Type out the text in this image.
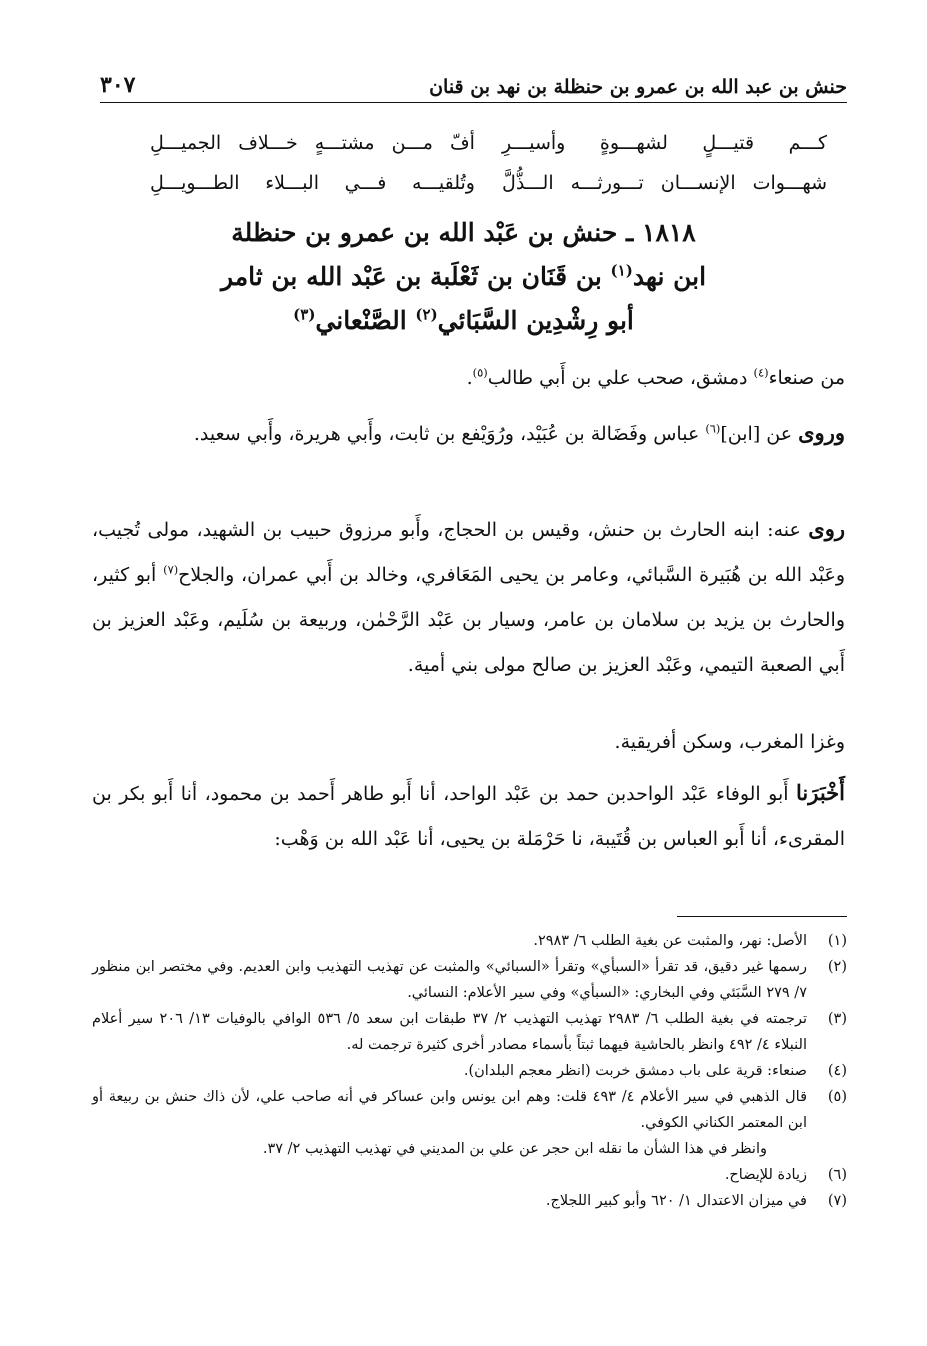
حنش بن عبد الله بن عمرو بن حنظلة بن نهد بن قنان
٣٠٧
كـــم قتيـــلٍ لشهـــوةٍ وأسيـــرِ
أفّ مـــن مشتـــهٍ خـــلاف الجميـــلِ
شهـــوات الإنســـان تـــورثـــه الـــذُّلَّ
وتُلقيـــه فـــي البـــلاء الطـــويـــلِ
١٨١٨ ـ حنش بن عَبْد الله بن عمرو بن حنظلة
ابن نهد$^{(١)}$ بن قَنَان بن ثَعْلَبة بن عَبْد الله بن ثامر
أبو رِشْدِين السَّبَائي$^{(٢)}$ الصَّنْعاني$^{(٣)}$

من صنعاء$^{(٤)}$ دمشق، صحب علي بن أَبي طالب$^{(٥)}$.

وروى عن [ابن]$^{(٦)}$ عباس وفَضَالة بن عُبَيْد، ورُوَيْفع بن ثابت، وأَبي هريرة، وأَبي سعيد.

روى عنه: ابنه الحارث بن حنش، وقيس بن الحجاج، وأَبو مرزوق حبيب بن الشهيد، مولى تُجيب، وعَبْد الله بن هُبَيرة السَّبائي، وعامر بن يحيى المَعَافري، وخالد بن أَبي عمران، والجلاح$^{(٧)}$ أبو كثير، والحارث بن يزيد بن سلامان بن عامر، وسيار بن عَبْد الرَّحْمٰن، وربيعة بن سُلَيم، وعَبْد العزيز بن أَبي الصعبة التيمي، وعَبْد العزيز بن صالح مولى بني أمية.

وغزا المغرب، وسكن أفريقية.

أَخْبَرَنا أَبو الوفاء عَبْد الواحدبن حمد بن عَبْد الواحد، أنا أَبو طاهر أَحمد بن محمود، أنا أَبو بكر بن المقرىء، أنا أَبو العباس بن قُتَيبة، نا حَرْمَلة بن يحيى، أنا عَبْد الله بن وَهْب:

(١)
الأصل: نهر، والمثبت عن بغية الطلب ٦/ ٢٩٨٣.
(٢)
رسمها غير دقيق، قد تقرأ «السبأي» وتقرأ «السبائي» والمثبت عن تهذيب التهذيب وابن العديم. وفي مختصر ابن منظور ٧/ ٢٧٩ السَّبَئي وفي البخاري: «السبأي» وفي سير الأعلام: النسائي.
(٣)
ترجمته في بغية الطلب ٦/ ٢٩٨٣ تهذيب التهذيب ٢/ ٣٧ طبقات ابن سعد ٥/ ٥٣٦ الوافي بالوفيات ١٣/ ٢٠٦ سير أعلام النبلاء ٤/ ٤٩٢ وانظر بالحاشية فيهما ثبتاً بأسماء مصادر أخرى كثيرة ترجمت له.
(٤)
صنعاء: قرية على باب دمشق خربت (انظر معجم البلدان).
(٥)
قال الذهبي في سير الأعلام ٤/ ٤٩٣ قلت: وهم ابن يونس وابن عساكر في أنه صاحب علي، لأن ذاك حنش بن ربيعة أو ابن المعتمر الكناني الكوفي.
وانظر في هذا الشأن ما نقله ابن حجر عن علي بن المديني في تهذيب التهذيب ٢/ ٣٧.
(٦)
زيادة للإيضاح.
(٧)
في ميزان الاعتدال ١/ ٦٢٠ وأبو كبير اللجلاج.
